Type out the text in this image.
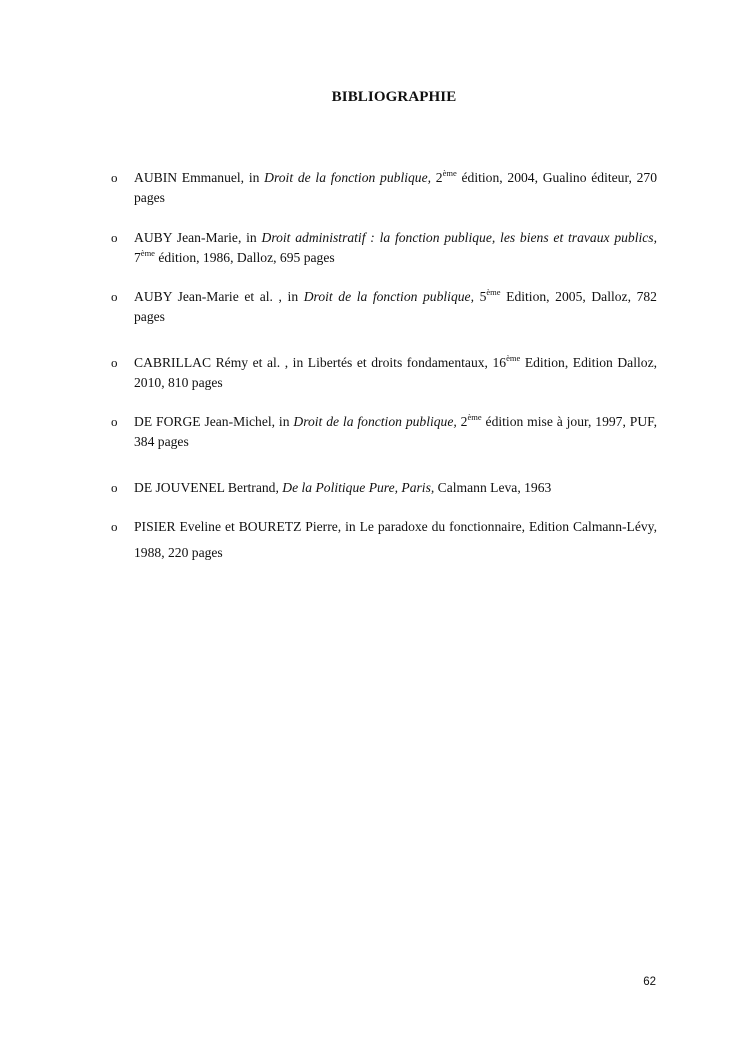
BIBLIOGRAPHIE
o AUBIN Emmanuel, in Droit de la fonction publique, 2ème édition, 2004, Gualino éditeur, 270 pages
o AUBY Jean-Marie, in Droit administratif : la fonction publique, les biens et travaux publics, 7ème édition, 1986, Dalloz, 695 pages
o AUBY Jean-Marie et al. , in Droit de la fonction publique, 5ème Edition, 2005, Dalloz, 782 pages
o CABRILLAC Rémy et al. , in Libertés et droits fondamentaux, 16ème Edition, Edition Dalloz, 2010, 810 pages
o DE FORGE Jean-Michel, in Droit de la fonction publique, 2ème édition mise à jour, 1997, PUF, 384 pages
o DE JOUVENEL Bertrand, De la Politique Pure, Paris, Calmann Leva, 1963
o PISIER Eveline et BOURETZ Pierre, in Le paradoxe du fonctionnaire, Edition Calmann-Lévy, 1988, 220 pages
62
